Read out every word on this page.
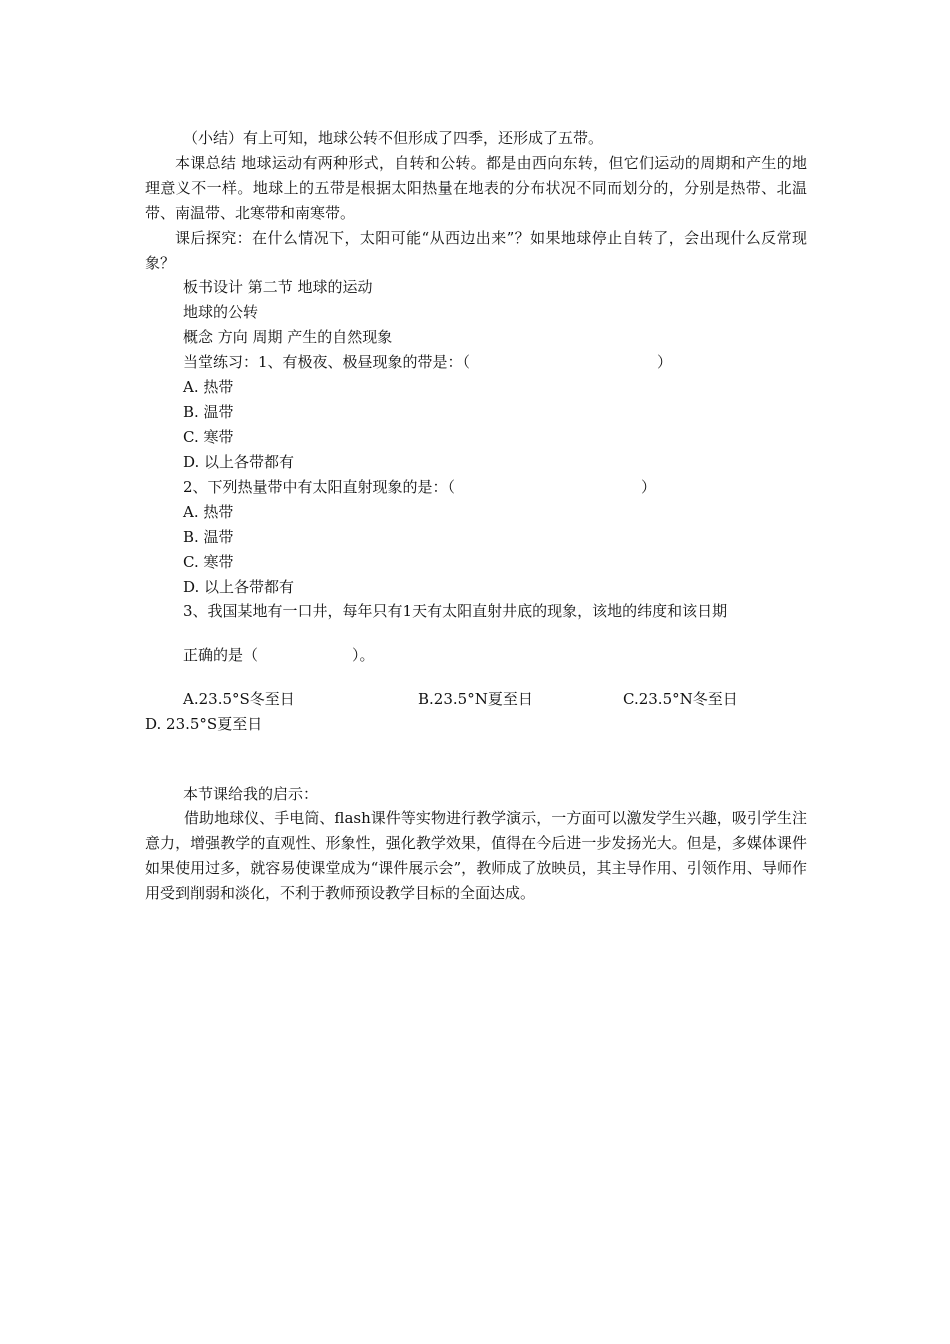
（小结）有上可知，地球公转不但形成了四季，还形成了五带。
本课总结 地球运动有两种形式，自转和公转。都是由西向东转，但它们运动的周期和产生的地理意义不一样。地球上的五带是根据太阳热量在地表的分布状况不同而划分的，分别是热带、北温带、南温带、北寒带和南寒带。
课后探究：在什么情况下，太阳可能“从西边出来”？如果地球停止自转了，会出现什么反常现象？
板书设计 第二节 地球的运动
地球的公转
概念 方向 周期 产生的自然现象
当堂练习：1、有极夜、极昼现象的带是：（	）
A. 热带
B. 温带
C. 寒带
D. 以上各带都有
2、下列热量带中有太阳直射现象的是：（	）
A. 热带
B. 温带
C. 寒带
D. 以上各带都有
3、我国某地有一口井，每年只有1天有太阳直射井底的现象，该地的纬度和该日期
正确的是（	）。
A.23.5°S冬至日	B.23.5°N夏至日	C.23.5°N冬至日
D. 23.5°S夏至日
本节课给我的启示：
借助地球仪、手电筒、flash课件等实物进行教学演示，一方面可以激发学生兴趣，吸引学生注意力，增强教学的直观性、形象性，强化教学效果，值得在今后进一步发扬光大。但是，多媒体课件如果使用过多，就容易使课堂成为“课件展示会”，教师成了放映员，其主导作用、引领作用、导师作用受到削弱和淡化，不利于教师预设教学目标的全面达成。
